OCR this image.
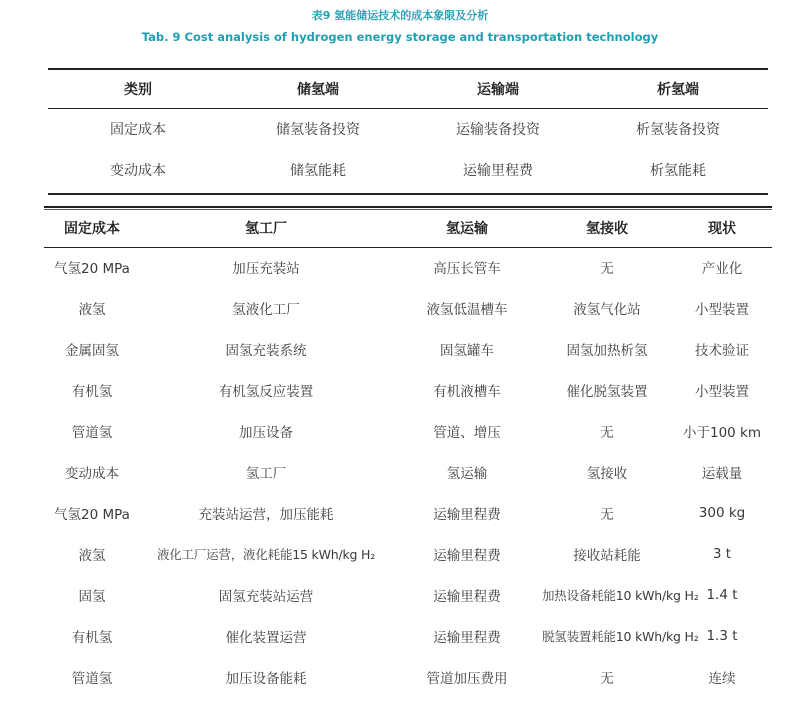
表9 氢能储运技术的成本象限及分析
Tab. 9 Cost analysis of hydrogen energy storage and transportation technology
类别	储氢端	运输端	析氢端
固定成本	储氢装备投资	运输装备投资	析氢装备投资
变动成本	储氢能耗	运输里程费	析氢能耗
固定成本	氢工厂	氢运输	氢接收	现状
气氢20 MPa	加压充装站	高压长管车	无	产业化
液氢	氢液化工厂	液氢低温槽车	液氢气化站	小型装置
金属固氢	固氢充装系统	固氢罐车	固氢加热析氢	技术验证
有机氢	有机氢反应装置	有机液槽车	催化脱氢装置	小型装置
管道氢	加压设备	管道、增压	无	小于100 km
变动成本	氢工厂	氢运输	氢接收	运载量
气氢20 MPa	充装站运营，加压能耗	运输里程费	无	300 kg
液氢	液化工厂运营，液化耗能15 kWh/kg H₂	运输里程费	接收站耗能	3 t
固氢	固氢充装站运营	运输里程费	加热设备耗能10 kWh/kg H₂	1.4 t
有机氢	催化装置运营	运输里程费	脱氢装置耗能10 kWh/kg H₂	1.3 t
管道氢	加压设备能耗	管道加压费用	无	连续
